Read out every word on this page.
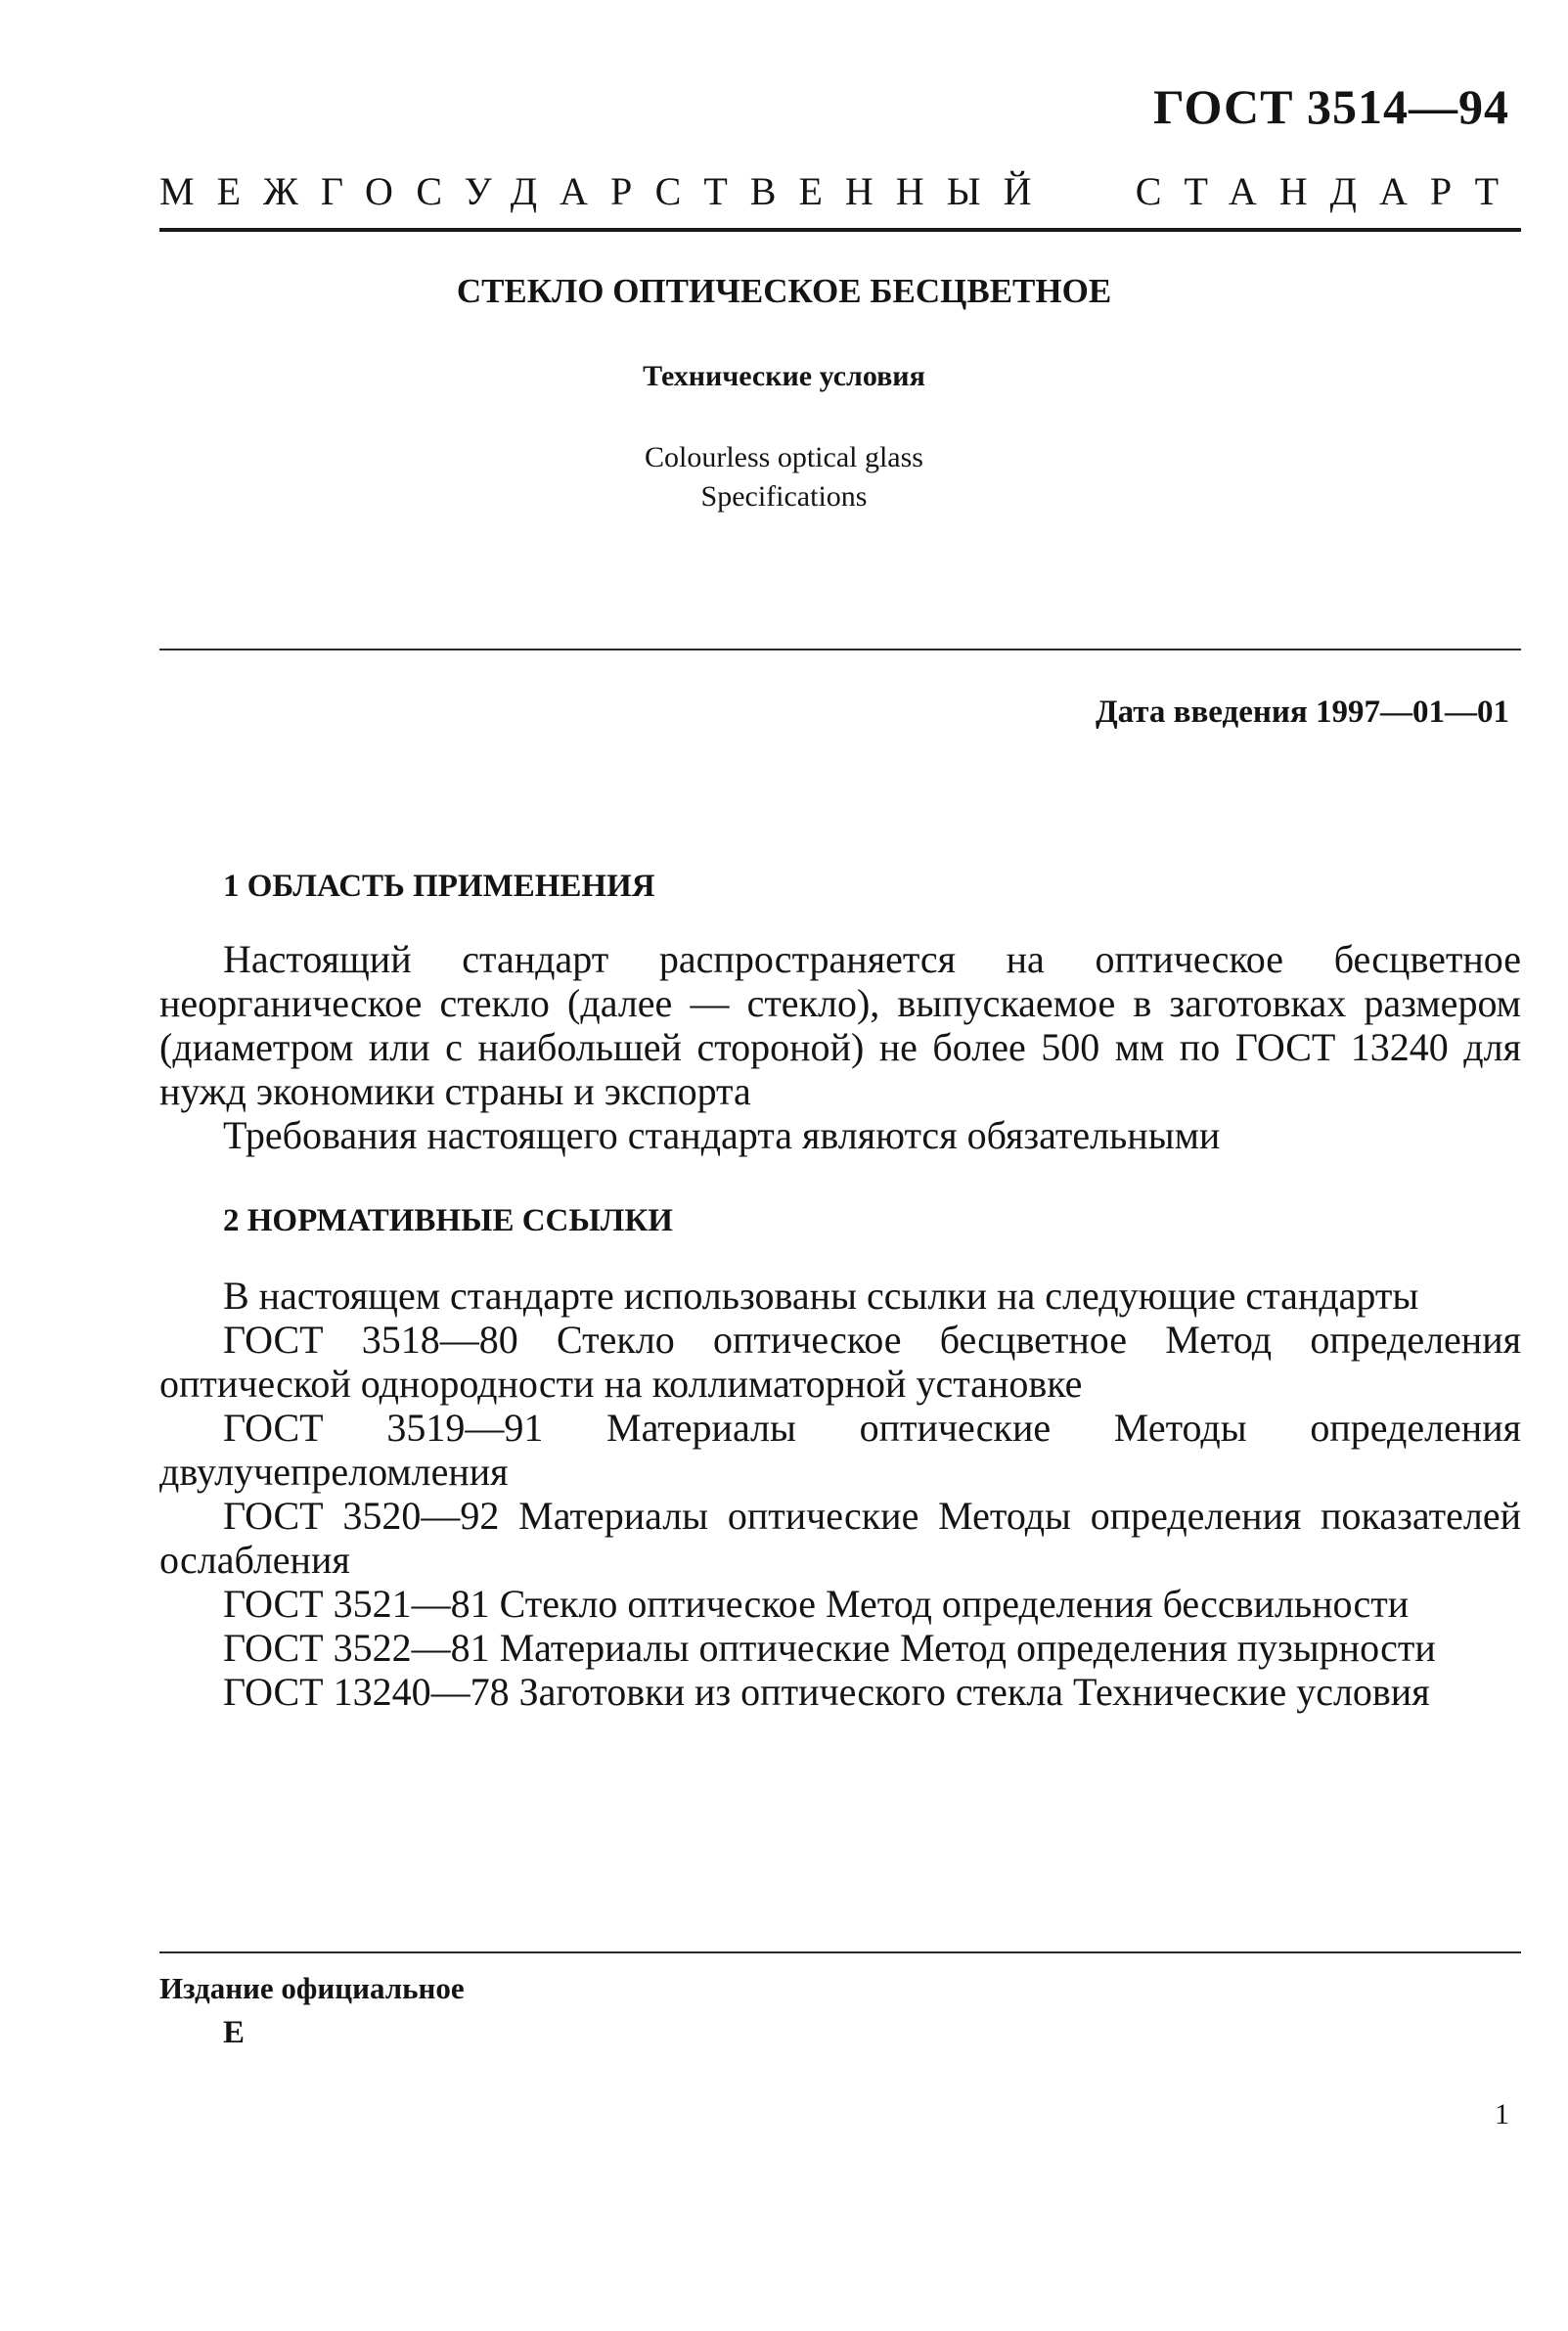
ГОСТ 3514—94
МЕЖГОСУДАРСТВЕННЫЙ СТАНДАРТ
СТЕКЛО ОПТИЧЕСКОЕ БЕСЦВЕТНОЕ
Технические условия
Colourless optical glass
Specifications
Дата введения 1997—01—01
1 ОБЛАСТЬ ПРИМЕНЕНИЯ

Настоящий стандарт распространяется на оптическое бесцветное неорганическое стекло (далее — стекло), выпускаемое в заготовках размером (диаметром или с наибольшей стороной) не более 500 мм по ГОСТ 13240 для нужд экономики страны и экспорта

Требования настоящего стандарта являются обязательными

2 НОРМАТИВНЫЕ ССЫЛКИ

В настоящем стандарте использованы ссылки на следующие стандарты

ГОСТ 3518—80 Стекло оптическое бесцветное Метод определения оптической однородности на коллиматорной установке

ГОСТ 3519—91 Материалы оптические Методы определения двулучепреломления

ГОСТ 3520—92 Материалы оптические Методы определения показателей ослабления

ГОСТ 3521—81 Стекло оптическое Метод определения бессвильности

ГОСТ 3522—81 Материалы оптические Метод определения пузырности

ГОСТ 13240—78 Заготовки из оптического стекла Технические условия

Издание официальное
Е
1
